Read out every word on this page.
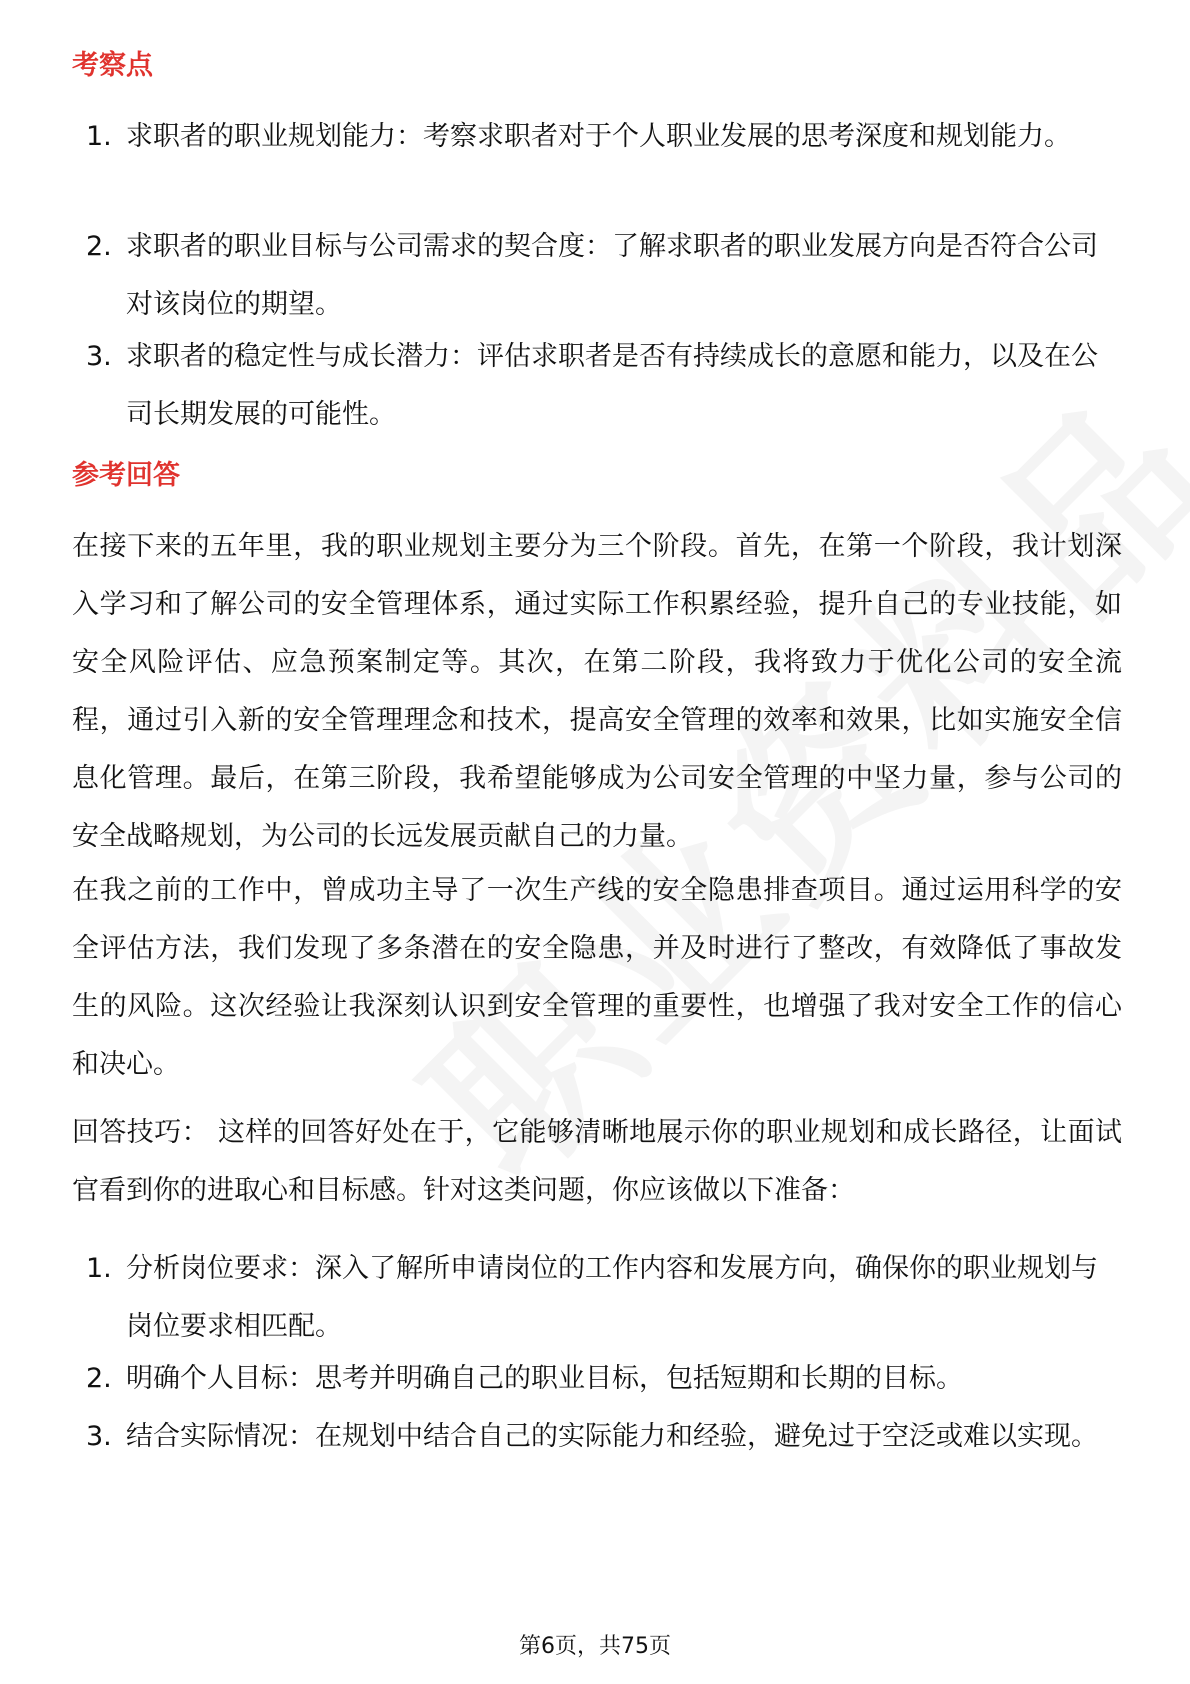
考察点
1. 求职者的职业规划能力：考察求职者对于个人职业发展的思考深度和规划能力。
2. 求职者的职业目标与公司需求的契合度：了解求职者的职业发展方向是否符合公司对该岗位的期望。
3. 求职者的稳定性与成长潜力：评估求职者是否有持续成长的意愿和能力，以及在公司长期发展的可能性。
参考回答
在接下来的五年里，我的职业规划主要分为三个阶段。首先，在第一个阶段，我计划深入学习和了解公司的安全管理体系，通过实际工作积累经验，提升自己的专业技能，如安全风险评估、应急预案制定等。其次，在第二阶段，我将致力于优化公司的安全流程，通过引入新的安全管理理念和技术，提高安全管理的效率和效果，比如实施安全信息化管理。最后，在第三阶段，我希望能够成为公司安全管理的中坚力量，参与公司的安全战略规划，为公司的长远发展贡献自己的力量。
在我之前的工作中，曾成功主导了一次生产线的安全隐患排查项目。通过运用科学的安全评估方法，我们发现了多条潜在的安全隐患，并及时进行了整改，有效降低了事故发生的风险。这次经验让我深刻认识到安全管理的重要性，也增强了我对安全工作的信心和决心。
回答技巧： 这样的回答好处在于，它能够清晰地展示你的职业规划和成长路径，让面试官看到你的进取心和目标感。针对这类问题，你应该做以下准备：
1. 分析岗位要求：深入了解所申请岗位的工作内容和发展方向，确保你的职业规划与岗位要求相匹配。
2. 明确个人目标：思考并明确自己的职业目标，包括短期和长期的目标。
3. 结合实际情况：在规划中结合自己的实际能力和经验，避免过于空泛或难以实现。
第6页，共75页
